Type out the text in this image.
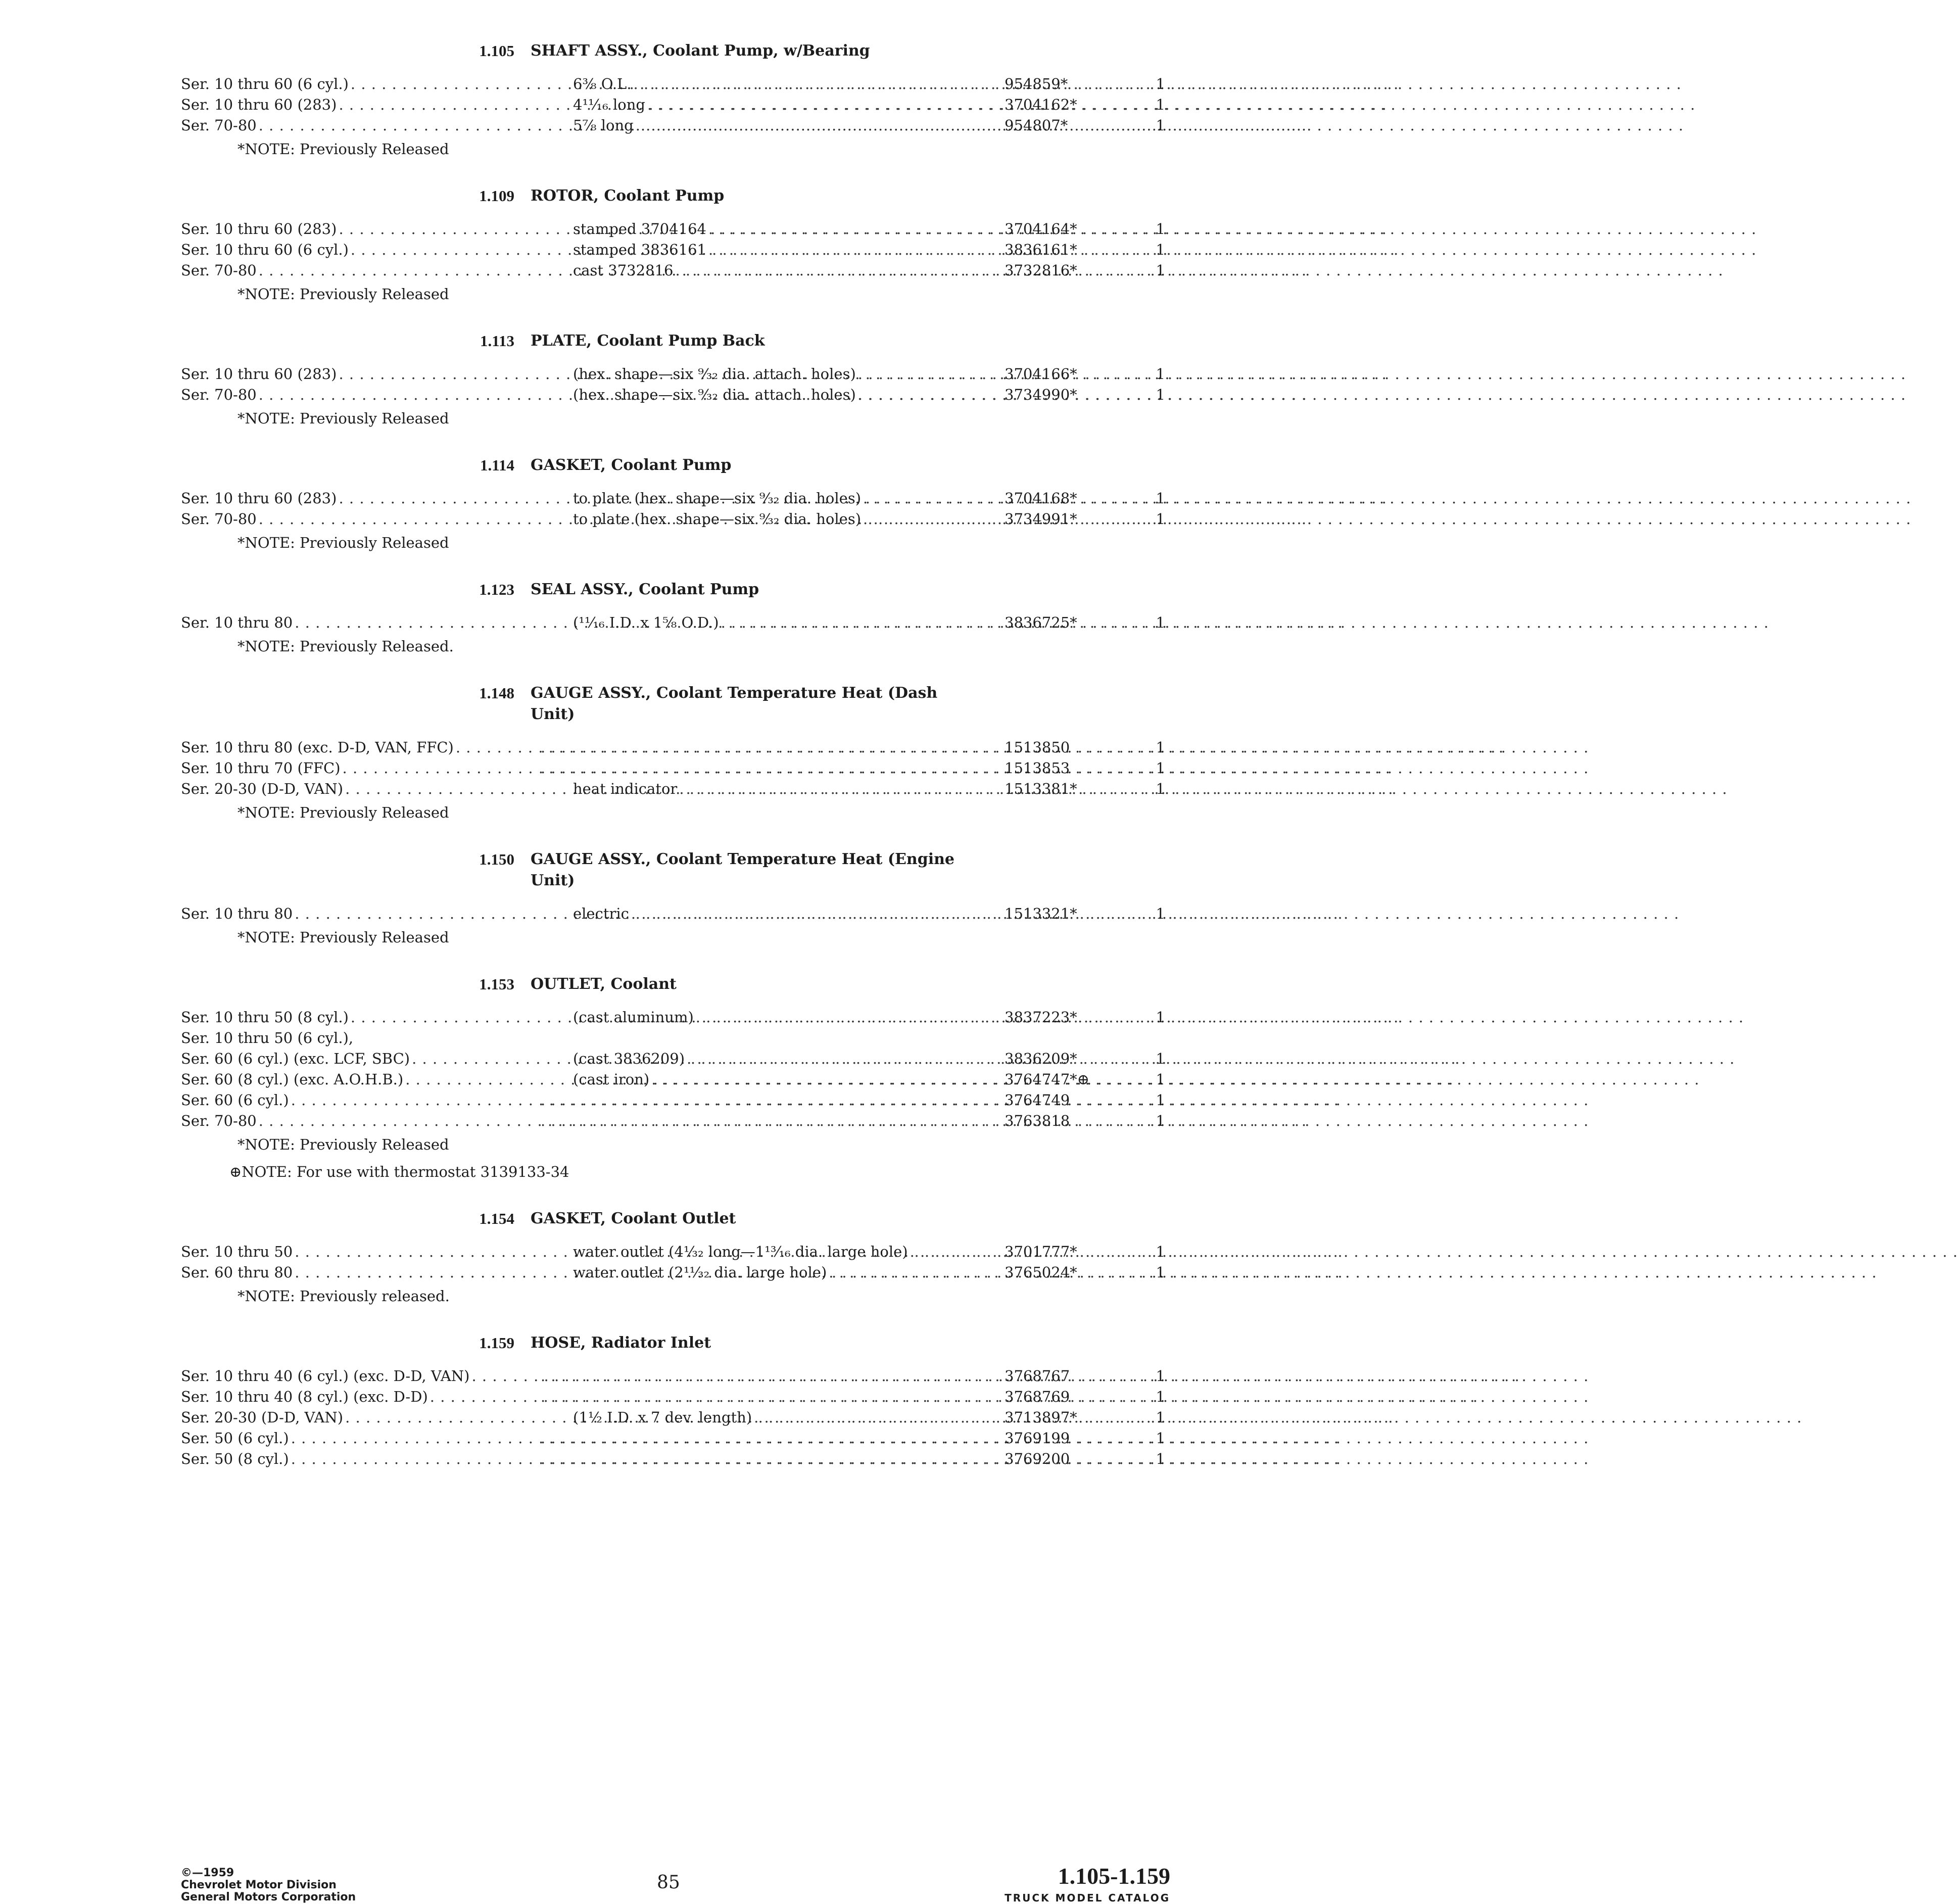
1.105	SHAFT ASSY., Coolant Pump, w/Bearing
Ser. 10 thru 60 (6 cyl.) . . .	6³⁄₈ O.L. . . .	954859*	1
Ser. 10 thru 60 (283) . . .	4¹¹⁄₁₆ long . . .	3704162*	1
Ser. 70-80 . . .	5⁷⁄₈ long . . .	954807*	1
*NOTE: Previously Released
1.109	ROTOR, Coolant Pump
Ser. 10 thru 60 (283) . . .	stamped 3704164 . . .	3704164*	1
Ser. 10 thru 60 (6 cyl.) . . .	stamped 3836161 . . .	3836161*	1
Ser. 70-80 . . .	cast 3732816 . . .	3732816*	1
*NOTE: Previously Released
1.113	PLATE, Coolant Pump Back
Ser. 10 thru 60 (283) . . .	(hex. shape—six ⁹⁄₃₂ dia. attach. holes) . . .	3704166*	1
Ser. 70-80 . . .	(hex. shape—six ⁹⁄₃₂ dia. attach. holes) . . .	3734990*	1
*NOTE: Previously Released
1.114	GASKET, Coolant Pump
Ser. 10 thru 60 (283) . . .	to plate (hex. shape—six ⁹⁄₃₂ dia. holes) . . .	3704168*	1
Ser. 70-80 . . .	to plate (hex. shape—six ⁹⁄₃₂ dia. holes) . . .	3734991*	1
*NOTE: Previously Released
1.123	SEAL ASSY., Coolant Pump
Ser. 10 thru 80 . . .	(¹¹⁄₁₆ I.D. x 1⁵⁄₈ O.D.) . . .	3836725*	1
*NOTE: Previously Released.
1.148	GAUGE ASSY., Coolant Temperature Heat (Dash Unit)
Ser. 10 thru 80 (exc. D-D, VAN, FFC) . . . . . .	1513850	1
Ser. 10 thru 70 (FFC) . . . . . .	1513853	1
Ser. 20-30 (D-D, VAN) . . .	heat indicator . . .	1513381*	1
*NOTE: Previously Released
1.150	GAUGE ASSY., Coolant Temperature Heat (Engine Unit)
Ser. 10 thru 80 . . .	electric . . .	1513321*	1
*NOTE: Previously Released
1.153	OUTLET, Coolant
Ser. 10 thru 50 (8 cyl.) . . .	(cast aluminum) . . .	3837223*	1
Ser. 10 thru 50 (6 cyl.),
Ser. 60 (6 cyl.) (exc. LCF, SBC) . . .	(cast 3836209) . . .	3836209*	1
Ser. 60 (8 cyl.) (exc. A.O.H.B.) . . .	(cast iron) . . .	3764747*⊕	1
Ser. 60 (6 cyl.) . . . . . .	3764749	1
Ser. 70-80 . . . . . .	3763818	1
*NOTE: Previously Released
⊕NOTE: For use with thermostat 3139133-34
1.154	GASKET, Coolant Outlet
Ser. 10 thru 50 . . .	water outlet (4¹⁄₃₂ long—1¹³⁄₁₆ dia. large hole) . . .	3701777*	1
Ser. 60 thru 80 . . .	water outlet (2¹¹⁄₃₂ dia. large hole) . . .	3765024*	1
*NOTE: Previously released.
1.159	HOSE, Radiator Inlet
Ser. 10 thru 40 (6 cyl.) (exc. D-D, VAN) . . . . . .	3768767	1
Ser. 10 thru 40 (8 cyl.) (exc. D-D) . . . . . .	3768769	1
Ser. 20-30 (D-D, VAN) . . .	(1½ I.D. x 7 dev. length) . . .	3713897*	1
Ser. 50 (6 cyl.) . . . . . .	3769199	1
Ser. 50 (8 cyl.) . . . . . .	3769200	1
©—1959
Chevrolet Motor Division
General Motors Corporation
85	1.105-1.159
TRUCK MODEL CATALOG
